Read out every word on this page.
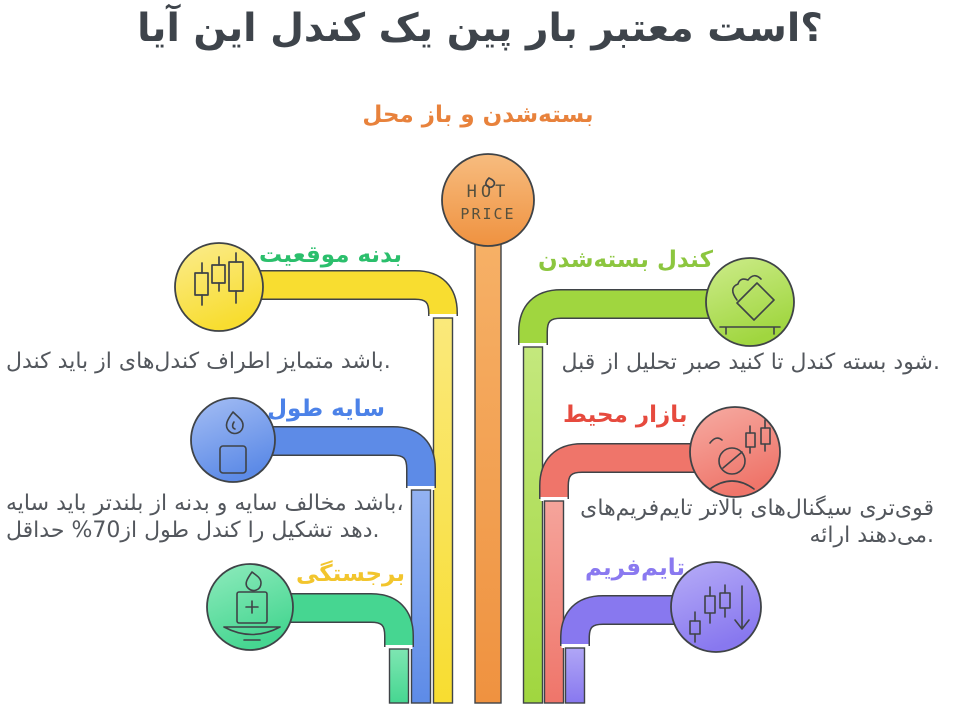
HOT
PRICE
آیا این کندل یک پین بار معتبر است؟
محل باز و بسته‌شدن
موقعیت بدنه
طول سایه
برجستگی
بسته‌شدن کندل
محیط بازار
تایم‌فریم
کندل باید از کندل‌های اطراف متمایز باشد.
سایه باید بلندتر از بدنه و سایه مخالف باشد،
حداقل %70از طول کندل را تشکیل دهد.
قبل از تحلیل صبر کنید تا کندل بسته شود.
تایم‌فریم‌های بالاتر سیگنال‌های قوی‌تری
ارائه می‌دهند.
